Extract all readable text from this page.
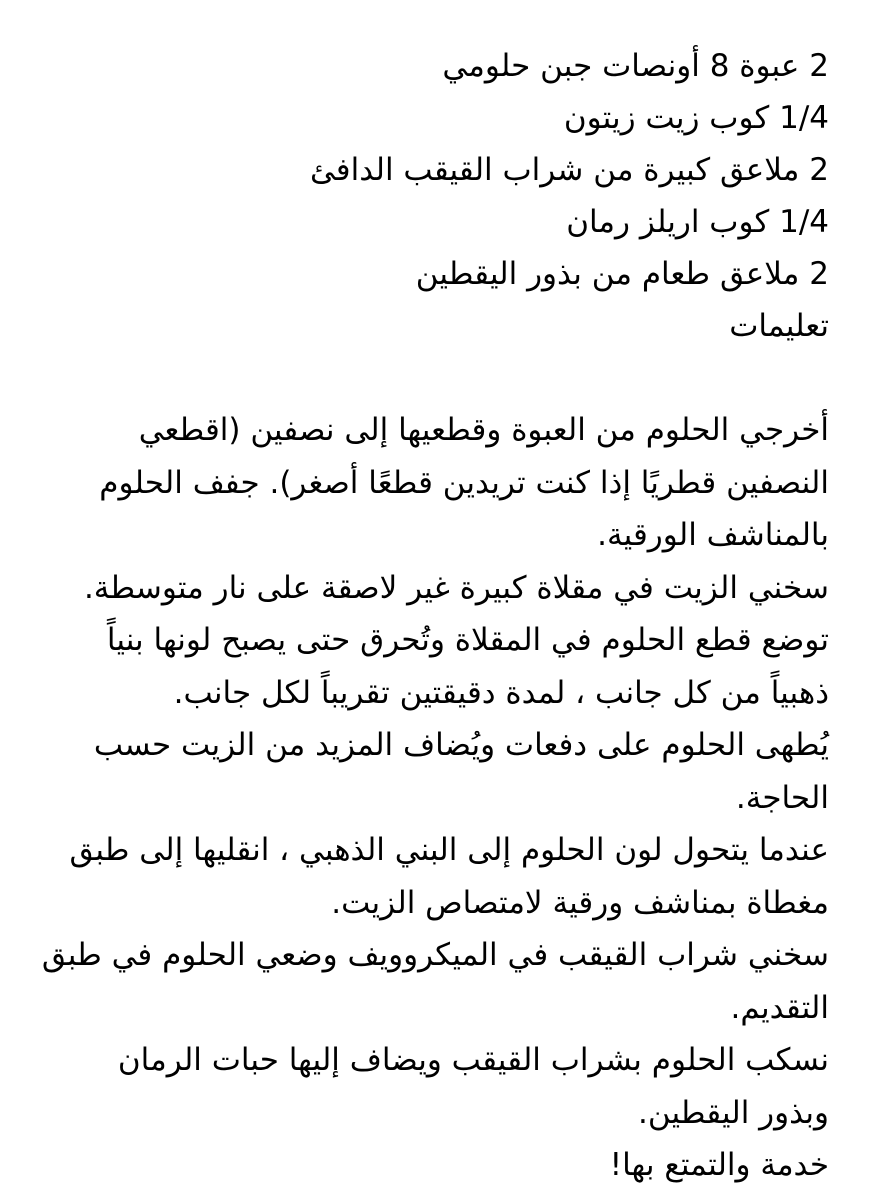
2 عبوة 8 أونصات جبن حلومي
1/4 كوب زيت زيتون
2 ملاعق كبيرة من شراب القيقب الدافئ
1/4 كوب اريلز رمان
2 ملاعق طعام من بذور اليقطين
تعليمات
أخرجي الحلوم من العبوة وقطعيها إلى نصفين (اقطعي النصفين قطريًا إذا كنت تريدين قطعًا أصغر). جفف الحلوم بالمناشف الورقية.
سخني الزيت في مقلاة كبيرة غير لاصقة على نار متوسطة.
توضع قطع الحلوم في المقلاة وتُحرق حتى يصبح لونها بنياً ذهبياً من كل جانب ، لمدة دقيقتين تقريباً لكل جانب.
يُطهى الحلوم على دفعات ويُضاف المزيد من الزيت حسب الحاجة.
عندما يتحول لون الحلوم إلى البني الذهبي ، انقليها إلى طبق مغطاة بمناشف ورقية لامتصاص الزيت.
سخني شراب القيقب في الميكروويف وضعي الحلوم في طبق التقديم.
نسكب الحلوم بشراب القيقب ويضاف إليها حبات الرمان وبذور اليقطين.
خدمة والتمتع بها!
